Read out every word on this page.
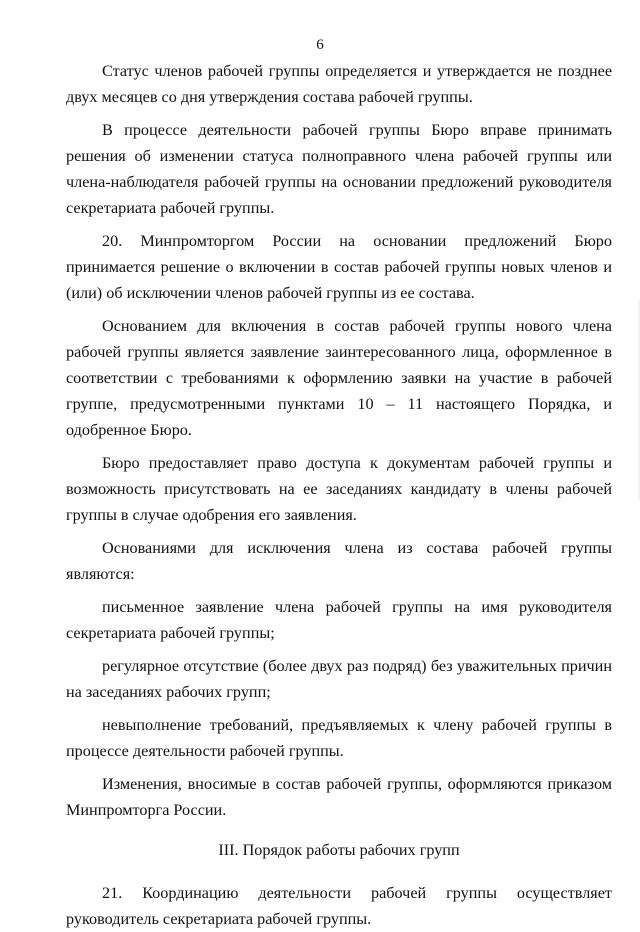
6

Статус членов рабочей группы определяется и утверждается не позднее двух месяцев со дня утверждения состава рабочей группы.

В процессе деятельности рабочей группы Бюро вправе принимать решения об изменении статуса полноправного члена рабочей группы или члена-наблюдателя рабочей группы на основании предложений руководителя секретариата рабочей группы.

20. Минпромторгом России на основании предложений Бюро принимается решение о включении в состав рабочей группы новых членов и (или) об исключении членов рабочей группы из ее состава.

Основанием для включения в состав рабочей группы нового члена рабочей группы является заявление заинтересованного лица, оформленное в соответствии с требованиями к оформлению заявки на участие в рабочей группе, предусмотренными пунктами 10 – 11 настоящего Порядка, и одобренное Бюро.

Бюро предоставляет право доступа к документам рабочей группы и возможность присутствовать на ее заседаниях кандидату в члены рабочей группы в случае одобрения его заявления.

Основаниями для исключения члена из состава рабочей группы являются:

письменное заявление члена рабочей группы на имя руководителя секретариата рабочей группы;

регулярное отсутствие (более двух раз подряд) без уважительных причин на заседаниях рабочих групп;

невыполнение требований, предъявляемых к члену рабочей группы в процессе деятельности рабочей группы.

Изменения, вносимые в состав рабочей группы, оформляются приказом Минпромторга России.

III. Порядок работы рабочих групп

21. Координацию деятельности рабочей группы осуществляет руководитель секретариата рабочей группы.
